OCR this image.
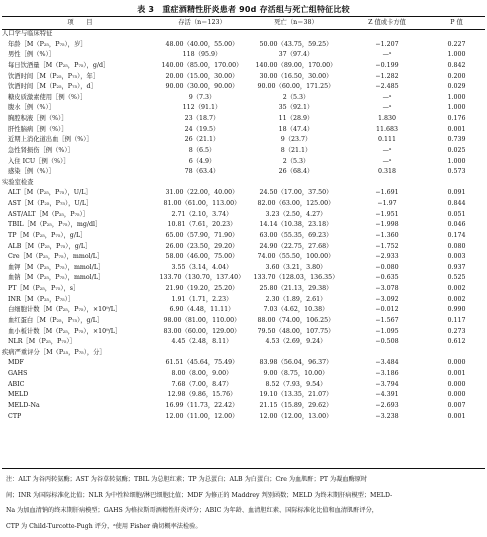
表 3　重症酒精性肝炎患者 90d 存活组与死亡组特征比较
项　　目	存活（n＝123）	死亡（n＝38）	Z 值或卡方值	P 值
人口学与临床特征				
年龄［M（P₂₅，P₇₅），岁］	48.00（40.00，55.00）	50.00（43.75，59.25）	−1.207	0.227
男性［例（%）］	118（95.9）	37（97.4）	—ᵃ	1.000
每日饮酒量［M（P₂₅，P₇₅），g/d］	140.00（85.00，170.00）	140.00（89.00，170.00）	−0.199	0.842
饮酒时间［M（P₂₅，P₇₅），年］	20.00（15.00，30.00）	30.00（16.50，30.00）	−1.282	0.200
饮酒时间［M（P₂₅，P₇₅），d］	90.00（30.00，90.00）	90.00（60.00，171.25）	−2.485	0.029
糖皮质激素使用［例（%）］	9（7.3）	2（5.3）	—ᵃ	1.000
腹水［例（%）］	112（91.1）	35（92.1）	—ᵃ	1.000
胸腔积液［例（%）］	23（18.7）	11（28.9）	1.830	0.176
肝性脑病［例（%）］	24（19.5）	18（47.4）	11.683	0.001
近期上消化道出血［例（%）］	26（21.1）	9（23.7）	0.111	0.739
急性肾损伤［例（%）］	8（6.5）	8（21.1）	—ᵃ	0.025
入住 ICU［例（%）］	6（4.9）	2（5.3）	—ᵃ	1.000
感染［例（%）］	78（63.4）	26（68.4）	0.318	0.573
实验室检查				
ALT［M（P₂₅，P₇₅），U/L］	31.00（22.00，40.00）	24.50（17.00，37.50）	−1.691	0.091
AST［M（P₂₅，P₇₅），U/L］	81.00（61.00，113.00）	82.00（63.00，125.00）	−1.97	0.844
AST/ALT［M（P₂₅，P₇₅）］	2.71（2.10，3.74）	3.23（2.50，4.27）	−1.951	0.051
TBIL［M（P₂₅，P₇₅），mg/dl］	10.81（7.61，20.23）	14.14（10.38，23.18）	−1.998	0.046
TP［M（P₂₅，P₇₅），g/L］	65.00（57.90，71.90）	63.00（55.35，69.23）	−1.360	0.174
ALB［M（P₂₅，P₇₅），g/L］	26.00（23.50，29.20）	24.90（22.75，27.68）	−1.752	0.080
Cre［M（P₂₅，P₇₅），mmol/L］	58.00（46.00，75.00）	74.00（55.50，100.00）	−2.933	0.003
血钾［M（P₂₅，P₇₅），mmol/L］	3.55（3.14，4.04）	3.60（3.21，3.80）	−0.080	0.937
血钠［M（P₂₅，P₇₅），mmol/L］	133.70（130.70，137.40）	133.70（128.03，136.35）	−0.635	0.525
PT［M（P₂₅，P₇₅），s］	21.90（19.20，25.20）	25.80（21.13，29.38）	−3.078	0.002
INR［M（P₂₅，P₇₅）］	1.91（1.71，2.23）	2.30（1.89，2.61）	−3.092	0.002
白细胞计数［M（P₂₅，P₇₅），×10⁹/L］	6.90（4.48，11.11）	7.03（4.62，10.38）	−0.012	0.990
血红蛋白［M（P₂₅，P₇₅），g/L］	98.00（81.00，110.00）	88.00（74.00，106.25）	−1.567	0.117
血小板计数［M（P₂₅，P₇₅），×10⁹/L］	83.00（60.00，129.00）	79.50（48.00，107.75）	−1.095	0.273
NLR［M（P₂₅，P₇₅）］	4.45（2.48，8.11）	4.53（2.69，9.24）	−0.508	0.612
疾病严重评分［M（P₂₅，P₇₅），分］				
MDF	61.51（45.64，75.49）	83.98（56.04，96.37）	−3.484	0.000
GAHS	8.00（8.00，9.00）	9.00（8.75，10.00）	−3.186	0.001
ABIC	7.68（7.00，8.47）	8.52（7.93，9.54）	−3.794	0.000
MELD	12.98（9.86，15.76）	19.10（13.35，21.07）	−4.391	0.000
MELD-Na	16.99（11.73，22.42）	21.15（15.89，29.62）	−2.693	0.007
CTP	12.00（11.00，12.00）	12.00（12.00，13.00）	−3.238	0.001
注：ALT 为谷丙转氨酶；AST 为谷草转氨酶；TBIL 为总胆红素；TP 为总蛋白；ALB 为白蛋白；Cre 为血肌酐；PT 为凝血酶原时
间；INR 为国际标准化比值；NLR 为中性粒细胞/淋巴细胞比值；MDF 为修正的 Maddrey 判别函数；MELD 为终末期肝病模型；MELD-
Na 为加血清钠的终末期肝病模型；GAHS 为格拉斯哥酒精性肝炎评分；ABIC 为年龄、血清胆红素、国际标准化比值和血清肌酐评分，
CTP 为 Child-Turcotte-Pugh 评分，ᵃ使用 Fisher 确切概率法检验。
